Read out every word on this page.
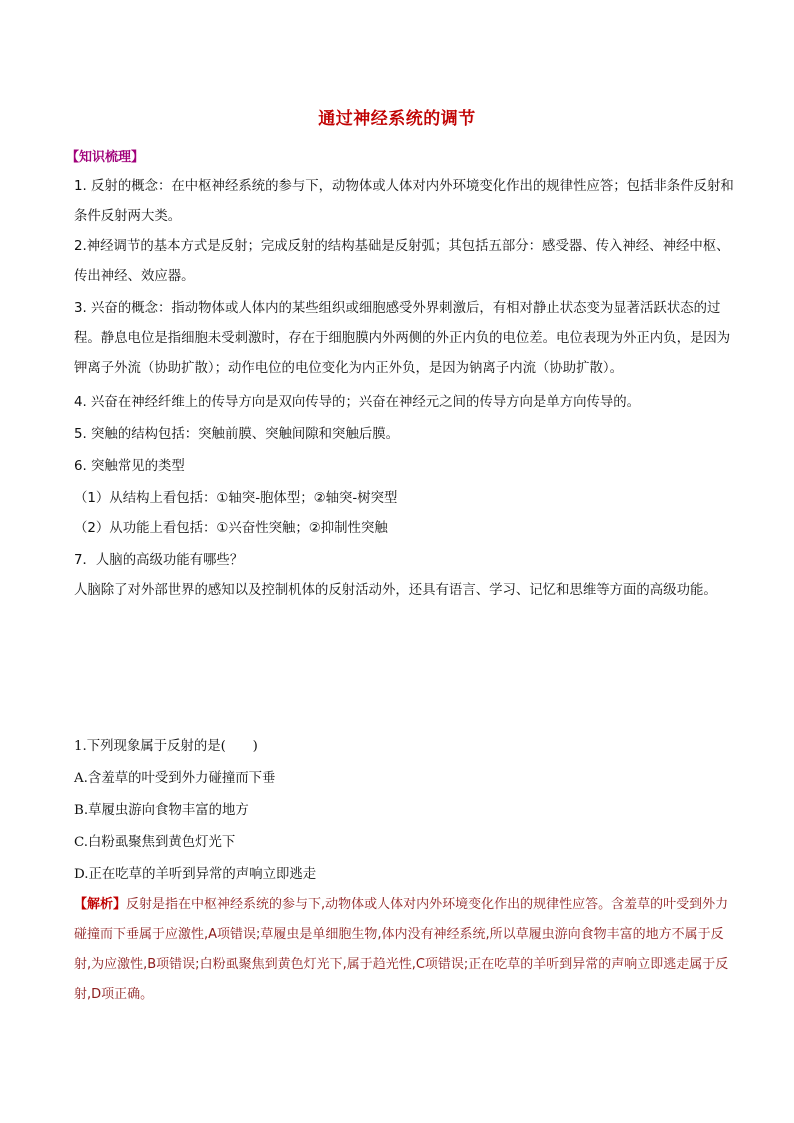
通过神经系统的调节
【知识梳理】

1. 反射的概念：在中枢神经系统的参与下，动物体或人体对内外环境变化作出的规律性应答；包括非条件反射和条件反射两大类。

2.神经调节的基本方式是反射；完成反射的结构基础是反射弧；其包括五部分：感受器、传入神经、神经中枢、传出神经、效应器。

3. 兴奋的概念：指动物体或人体内的某些组织或细胞感受外界刺激后，有相对静止状态变为显著活跃状态的过程。静息电位是指细胞未受刺激时，存在于细胞膜内外两侧的外正内负的电位差。电位表现为外正内负，是因为钾离子外流（协助扩散）；动作电位的电位变化为内正外负，是因为钠离子内流（协助扩散）。

4. 兴奋在神经纤维上的传导方向是双向传导的；兴奋在神经元之间的传导方向是单方向传导的。

5. 突触的结构包括：突触前膜、突触间隙和突触后膜。

6. 突触常见的类型

（1）从结构上看包括：①轴突-胞体型；②轴突-树突型

（2）从功能上看包括：①兴奋性突触；②抑制性突触

7．人脑的高级功能有哪些？

人脑除了对外部世界的感知以及控制机体的反射活动外，还具有语言、学习、记忆和思维等方面的高级功能。

1.下列现象属于反射的是(　　)

A.含羞草的叶受到外力碰撞而下垂

B.草履虫游向食物丰富的地方

C.白粉虱聚焦到黄色灯光下

D.正在吃草的羊听到异常的声响立即逃走

【解析】反射是指在中枢神经系统的参与下,动物体或人体对内外环境变化作出的规律性应答。含羞草的叶受到外力碰撞而下垂属于应激性,A项错误;草履虫是单细胞生物,体内没有神经系统,所以草履虫游向食物丰富的地方不属于反射,为应激性,B项错误;白粉虱聚焦到黄色灯光下,属于趋光性,C项错误;正在吃草的羊听到异常的声响立即逃走属于反射,D项正确。
